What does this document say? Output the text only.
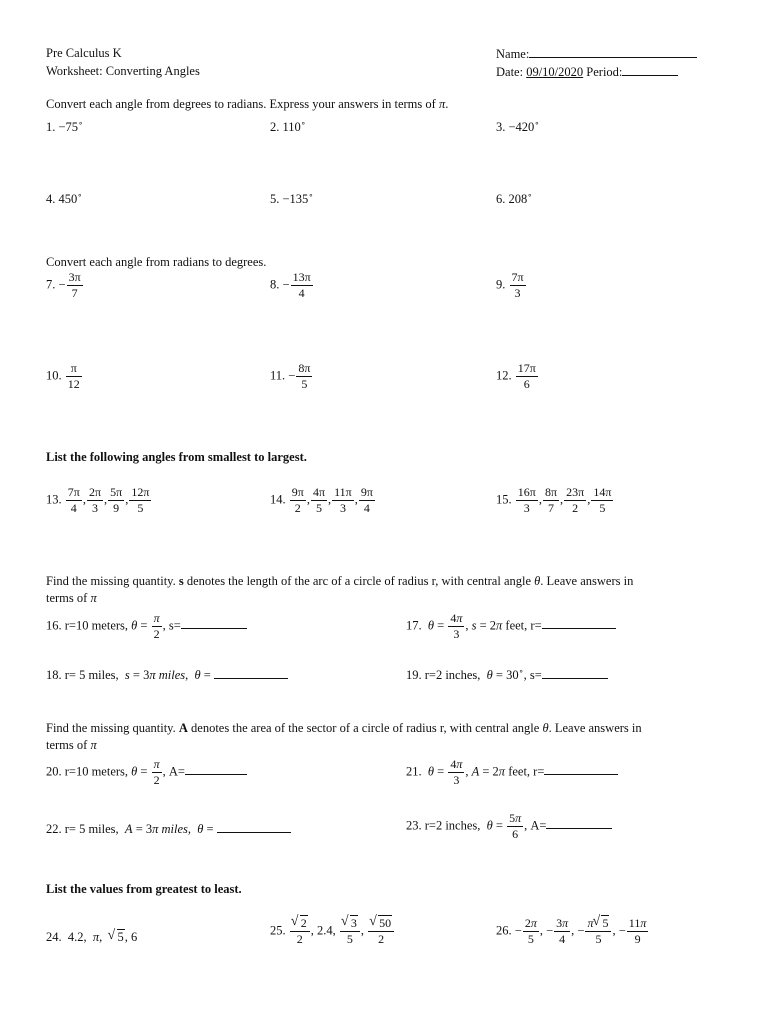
Pre Calculus K
Worksheet: Converting Angles
Name:
Date: 09/10/2020 Period:
Convert each angle from degrees to radians. Express your answers in terms of π.
1. −75∘	2. 110∘	3. −420∘
4. 450∘	5. −135∘	6. 208∘
Convert each angle from radians to degrees.
7. − $\frac{3\pi}{7}$	8. − $\frac{13\pi}{4}$	9. $\frac{7\pi}{3}$
10. $\frac{\pi}{12}$	11. − $\frac{8\pi}{5}$	12. $\frac{17\pi}{6}$
List the following angles from smallest to largest.
13. $\frac{7\pi}{4}$ , $\frac{2\pi}{3}$ , $\frac{5\pi}{9}$ , $\frac{12\pi}{5}$	14. $\frac{9\pi}{2}$ , $\frac{4\pi}{5}$ , $\frac{11\pi}{3}$ , $\frac{9\pi}{4}$	15. $\frac{16\pi}{3}$ , $\frac{8\pi}{7}$ , $\frac{23\pi}{2}$ , $\frac{14\pi}{5}$
Find the missing quantity. s denotes the length of the arc of a circle of radius r, with central angle θ. Leave answers in
terms of π
16. r=10 meters, $\theta = \frac{\pi}{2}$ , s=	17. $\theta = \frac{4\pi}{3}$ , s = 2π feet, r=
18. r= 5 miles, s = 3π miles,  θ =	19. r=2 inches, θ = 30∘, s=
Find the missing quantity. A denotes the area of the sector of a circle of radius r, with central angle θ. Leave answers in
terms of π
20. r=10 meters, $\theta = \frac{\pi}{2}$ , A=	21. $\theta = \frac{4\pi}{3}$ , A = 2π feet, r=
22. r= 5 miles, A = 3π miles,  θ =	23. r=2 inches, $\theta = \frac{5\pi}{6}$ , A=
List the values from greatest to least.
24. 4.2, π, √ 5, 6	25. √ $\frac{2}{2}$ , 2.4, √ $\frac{3}{5}$ , √ $\frac{50}{2}$	26. − $\frac{2\pi}{5}$ , − $\frac{3\pi}{4}$ , − $\frac{\pi √ 5}{5}$ , − $\frac{11\pi}{9}$
